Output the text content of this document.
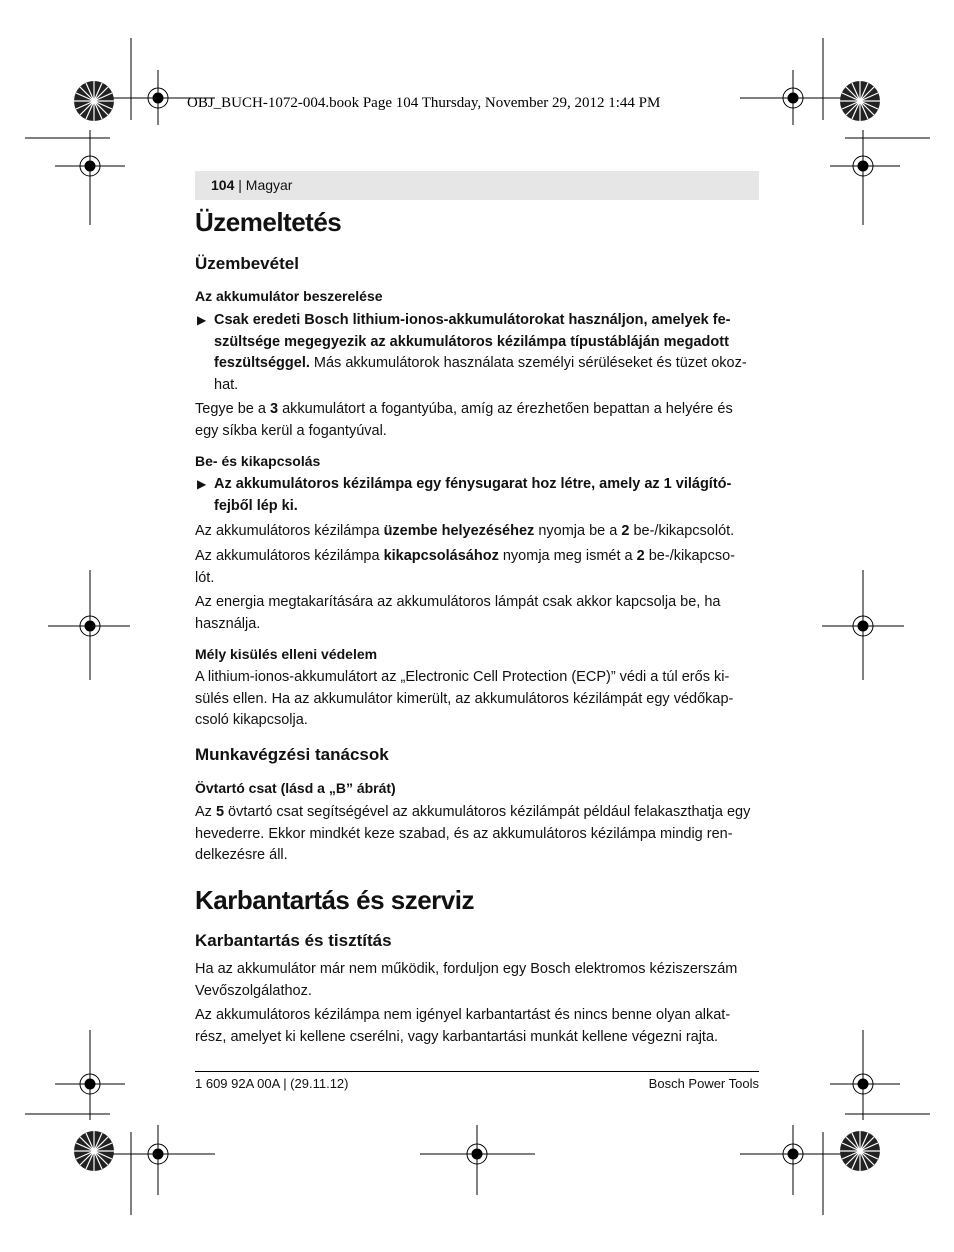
OBJ_BUCH-1072-004.book Page 104 Thursday, November 29, 2012 1:44 PM
104 | Magyar
Üzemeltetés
Üzembevétel
Az akkumulátor beszerelése
▶ Csak eredeti Bosch lithium-ionos-akkumulátorokat használjon, amelyek fe-
szültsége megegyezik az akkumulátoros kézilámpa típustábláján megadott
feszültséggel. Más akkumulátorok használata személyi sérüléseket és tüzet okoz-
hat.
Tegye be a 3 akkumulátort a fogantyúba, amíg az érezhetően bepattan a helyére és
egy síkba kerül a fogantyúval.
Be- és kikapcsolás
▶ Az akkumulátoros kézilámpa egy fénysugarat hoz létre, amely az 1 világító-
fejből lép ki.
Az akkumulátoros kézilámpa üzembe helyezéséhez nyomja be a 2 be-/kikapcsolót.
Az akkumulátoros kézilámpa kikapcsolásához nyomja meg ismét a 2 be-/kikapcso-
lót.
Az energia megtakarítására az akkumulátoros lámpát csak akkor kapcsolja be, ha
használja.
Mély kisülés elleni védelem
A lithium-ionos-akkumulátort az „Electronic Cell Protection (ECP)” védi a túl erős ki-
sülés ellen. Ha az akkumulátor kimerült, az akkumulátoros kézilámpát egy védőkap-
csoló kikapcsolja.
Munkavégzési tanácsok
Övtartó csat (lásd a „B” ábrát)
Az 5 övtartó csat segítségével az akkumulátoros kézilámpát például felakaszthatja egy
hevederre. Ekkor mindkét keze szabad, és az akkumulátoros kézilámpa mindig ren-
delkezésre áll.
Karbantartás és szerviz
Karbantartás és tisztítás
Ha az akkumulátor már nem működik, forduljon egy Bosch elektromos kéziszerszám
Vevőszolgálathoz.
Az akkumulátoros kézilámpa nem igényel karbantartást és nincs benne olyan alkat-
rész, amelyet ki kellene cserélni, vagy karbantartási munkát kellene végezni rajta.
1 609 92A 00A | (29.11.12)	Bosch Power Tools
